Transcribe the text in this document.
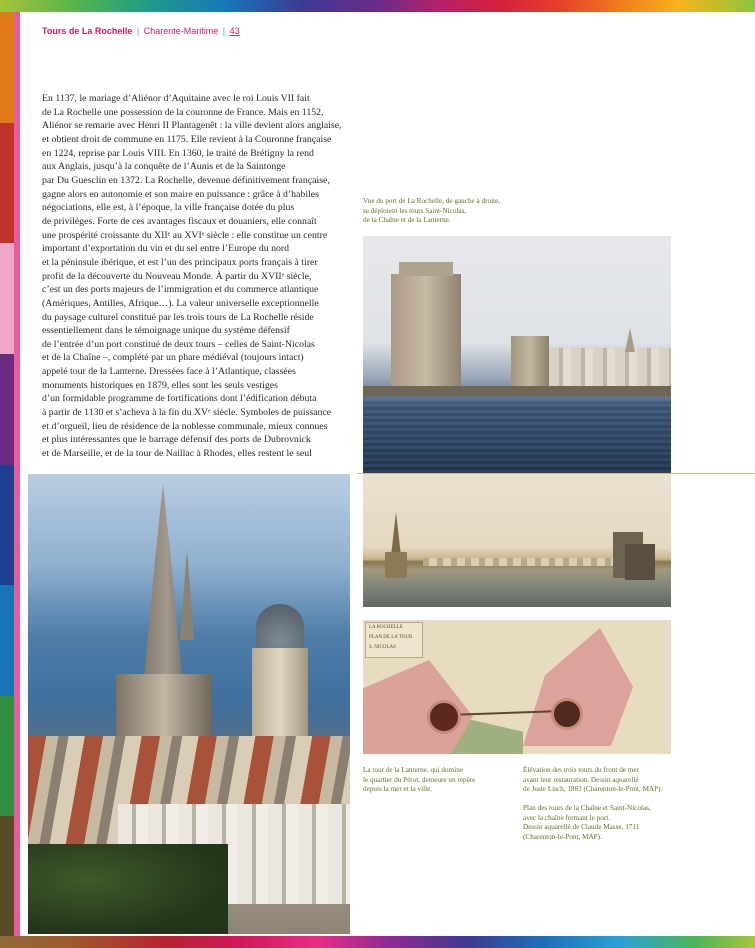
Tours de La Rochelle | Charente-Maritime | 43
En 1137, le mariage d’Aliénor d’Aquitaine avec le roi Louis VII fait
de La Rochelle une possession de la couronne de France. Mais en 1152,
Aliénor se remarie avec Henri II Plantagenêt : la ville devient alors anglaise,
et obtient droit de commune en 1175. Elle revient à la Couronne française
en 1224, reprise par Louis VIII. En 1360, le traité de Brétigny la rend
aux Anglais, jusqu’à la conquête de l’Aunis et de la Saintonge
par Du Guesclin en 1372. La Rochelle, devenue définitivement française,
gagne alors en autonomie et son maire en puissance : grâce à d’habiles
négociations, elle est, à l’époque, la ville française dotée du plus
de privilèges. Forte de ces avantages fiscaux et douaniers, elle connaît
une prospérité croissante du XIIᵉ au XVIᵉ siècle : elle constitue un centre
important d’exportation du vin et du sel entre l’Europe du nord
et la péninsule ibérique, et est l’un des principaux ports français à tirer
profit de la découverte du Nouveau Monde. À partir du XVIIᵉ siècle,
c’est un des ports majeurs de l’immigration et du commerce atlantique
(Amériques, Antilles, Afrique…). La valeur universelle exceptionnelle
du paysage culturel constitué par les trois tours de La Rochelle réside
essentiellement dans le témoignage unique du système défensif
de l’entrée d’un port constitué de deux tours – celles de Saint-Nicolas
et de la Chaîne –, complété par un phare médiéval (toujours intact)
appelé tour de la Lanterne. Dressées face à l’Atlantique, classées
monuments historiques en 1879, elles sont les seuls vestiges
d’un formidable programme de fortifications dont l’édification débuta
à partir de 1130 et s’acheva à la fin du XVᵉ siècle. Symboles de puissance
et d’orgueil, lieu de résidence de la noblesse communale, mieux connues
et plus intéressantes que le barrage défensif des ports de Dubrovnick
et de Marseille, et de la tour de Naillac à Rhodes, elles restent le seul
Vue du port de La Rochelle, de gauche à droite,
se déploient les tours Saint-Nicolas,
de la Chaîne et de la Lanterne.
LA ROCHELLE
PLAN DE LA TOUR
S. NICOLAS
La tour de la Lanterne, qui domine
le quartier du Pérot, demeure un repère
depuis la mer et la ville.
Élévation des trois tours du front de mer
avant leur restauration. Dessin aquarellé
de Juste Lisch, 1863 (Charenton-le-Pont, MAP).
Plan des tours de la Chaîne et Saint-Nicolas,
avec la chaîne fermant le port.
Dessin aquarellé de Claude Masse, 1711
(Charenton-le-Pont, MAP).
